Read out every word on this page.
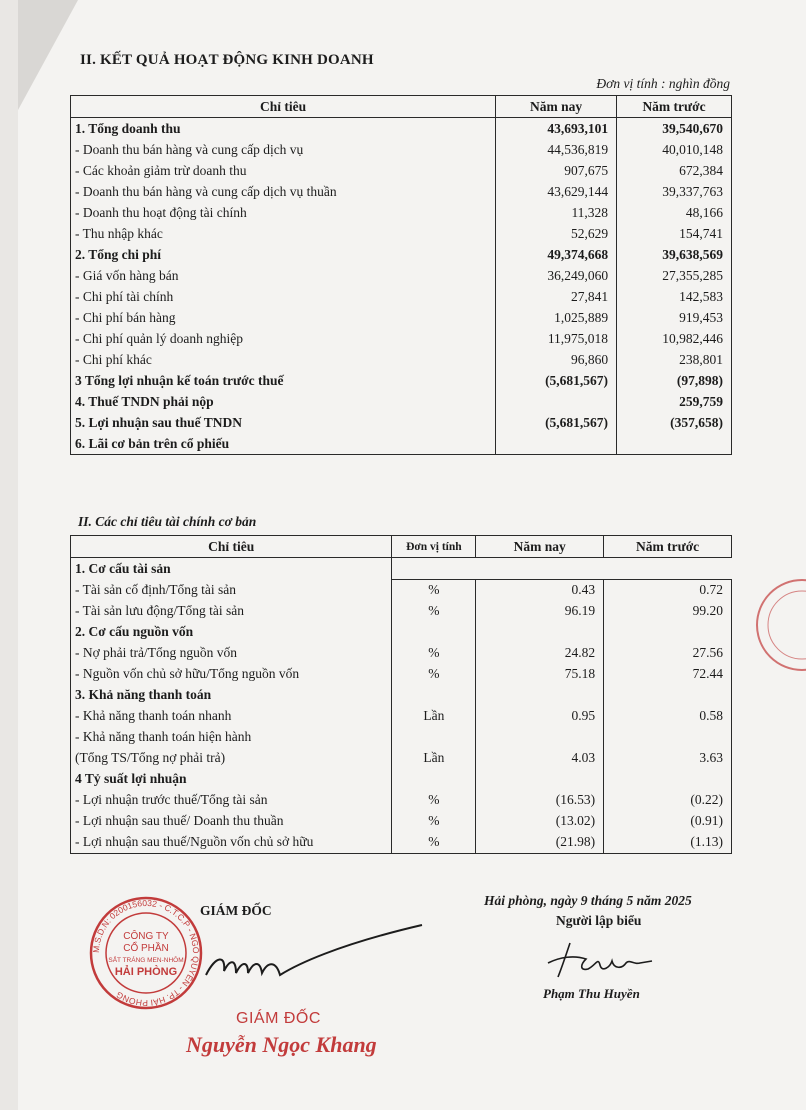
II. KẾT QUẢ HOẠT ĐỘNG KINH DOANH
Đơn vị tính : nghìn đồng
Chỉ tiêu	Năm nay	Năm trước
1. Tổng doanh thu	43,693,101	39,540,670
- Doanh thu bán hàng và cung cấp dịch vụ	44,536,819	40,010,148
- Các khoản giảm trừ doanh thu	907,675	672,384
- Doanh thu bán hàng và cung cấp dịch vụ thuần	43,629,144	39,337,763
- Doanh thu hoạt động tài chính	11,328	48,166
- Thu nhập khác	52,629	154,741
2. Tổng chi phí	49,374,668	39,638,569
- Giá vốn hàng bán	36,249,060	27,355,285
- Chi phí tài chính	27,841	142,583
- Chi phí bán hàng	1,025,889	919,453
- Chi phí quản lý doanh nghiệp	11,975,018	10,982,446
- Chi phí khác	96,860	238,801
3 Tổng lợi nhuận kế toán trước thuế	(5,681,567)	(97,898)
4. Thuế TNDN phải nộp		259,759
5. Lợi nhuận sau thuế TNDN	(5,681,567)	(357,658)
6. Lãi cơ bản trên cổ phiếu		
II. Các chỉ tiêu tài chính cơ bản
Chỉ tiêu	Đơn vị tính	Năm nay	Năm trước
1. Cơ cấu tài sản			
- Tài sản cố định/Tổng tài sản	%	0.43	0.72
- Tài sản lưu động/Tổng tài sản	%	96.19	99.20
2. Cơ cấu nguồn vốn			
- Nợ phải trả/Tổng nguồn vốn	%	24.82	27.56
- Nguồn vốn chủ sở hữu/Tổng nguồn vốn	%	75.18	72.44
3. Khả năng thanh toán			
- Khả năng thanh toán nhanh	Lần	0.95	0.58
- Khả năng thanh toán hiện hành			
(Tổng TS/Tổng nợ phải trả)	Lần	4.03	3.63
4 Tỷ suất lợi nhuận			
- Lợi nhuận trước thuế/Tổng tài sản	%	(16.53)	(0.22)
- Lợi nhuận sau thuế/ Doanh thu thuần	%	(13.02)	(0.91)
- Lợi nhuận sau thuế/Nguồn vốn chủ sở hữu	%	(21.98)	(1.13)
Hải phòng, ngày 9 tháng 5 năm 2025
Người lập biểu
Phạm Thu Huyền
GIÁM ĐỐC
M.S.D.N: 0200156032 - C.T.C.P - NGÔ QUYỀN - TP. HẢI PHÒNG
CÔNG TY
CỔ PHẦN
SẮT TRÁNG MEN-NHÔM
HẢI PHÒNG
GIÁM ĐỐC
Nguyễn Ngọc Khang
